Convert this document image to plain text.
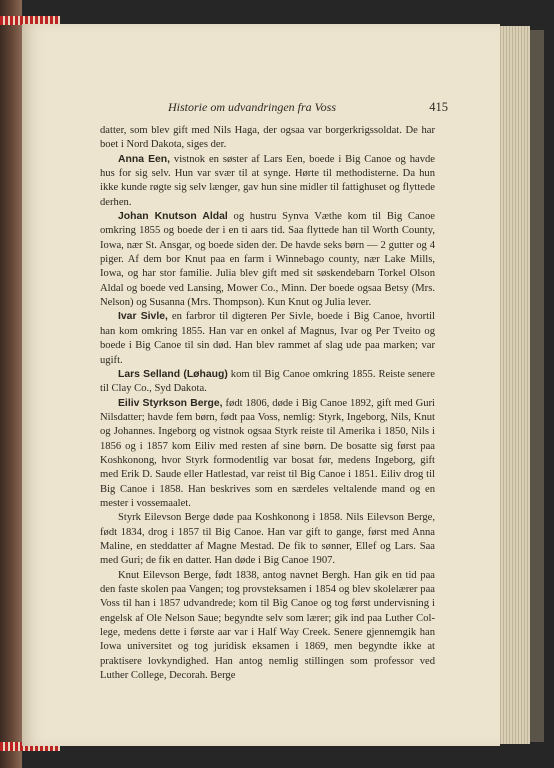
Historie om udvandringen fra Voss	415

datter, som blev gift med Nils Haga, der ogsaa var borgerkrigssoldat. De har boet i Nord Dakota, siges der.

Anna Een, vistnok en søster af Lars Een, boede i Big Canoe og havde hus for sig selv. Hun var svær til at synge. Hørte til methodisterne. Da hun ikke kunde røgte sig selv længer, gav hun sine midler til fattighuset og flyttede derhen.

Johan Knutson Aldal og hustru Synva Væthe kom til Big Canoe omkring 1855 og boede der i en ti aars tid. Saa flyttede han til Worth County, Iowa, nær St. Ansgar, og boede siden der. De havde seks børn — 2 gutter og 4 piger. Af dem bor Knut paa en farm i Winnebago county, nær Lake Mills, Iowa, og har stor familie. Julia blev gift med sit søskendebarn Torkel Olson Aldal og boede ved Lansing, Mower Co., Minn. Der boede ogsaa Betsy (Mrs. Nelson) og Susanna (Mrs. Thompson). Kun Knut og Julia lever.

Ivar Sivle, en farbror til digteren Per Sivle, boede i Big Canoe, hvortil han kom omkring 1855. Han var en onkel af Magnus, Ivar og Per Tveito og boede i Big Canoe til sin død. Han blev rammet af slag ude paa marken; var ugift.

Lars Selland (Løhaug) kom til Big Canoe omkring 1855. Reiste senere til Clay Co., Syd Dakota.

Eiliv Styrkson Berge, født 1806, døde i Big Canoe 1892, gift med Guri Nilsdatter; havde fem børn, født paa Voss, nemlig: Styrk, Ingeborg, Nils, Knut og Johannes. Ingeborg og vistnok ogsaa Styrk reiste til Amerika i 1850, Nils i 1856 og i 1857 kom Eiliv med resten af sine børn. De bosatte sig først paa Koshkonong, hvor Styrk formodentlig var bosat før, medens Ingeborg, gift med Erik D. Saude eller Hatlestad, var reist til Big Canoe i 1851. Eiliv drog til Big Canoe i 1858. Han beskrives som en særdeles veltalende mand og en mester i vossemaalet.

Styrk Eilevson Berge døde paa Koshkonong i 1858. Nils Eilevson Berge, født 1834, drog i 1857 til Big Canoe. Han var gift to gange, først med Anna Maline, en steddatter af Magne Mestad. De fik to sønner, Ellef og Lars. Saa med Guri; de fik en datter. Han døde i Big Canoe 1907.

Knut Eilevson Berge, født 1838, antog navnet Bergh. Han gik en tid paa den faste skolen paa Vangen; tog provsteksamen i 1854 og blev skolelærer paa Voss til han i 1857 udvandrede; kom til Big Canoe og tog først undervisning i engelsk af Ole Nelson Saue; begyndte selv som lærer; gik ind paa Luther College, medens dette i første aar var i Half Way Creek. Senere gjennemgik han Iowa universitet og tog juridisk eksamen i 1869, men begyndte ikke at praktisere lovkyndighed. Han antog nemlig stillingen som professor ved Luther College, Decorah. Berge
